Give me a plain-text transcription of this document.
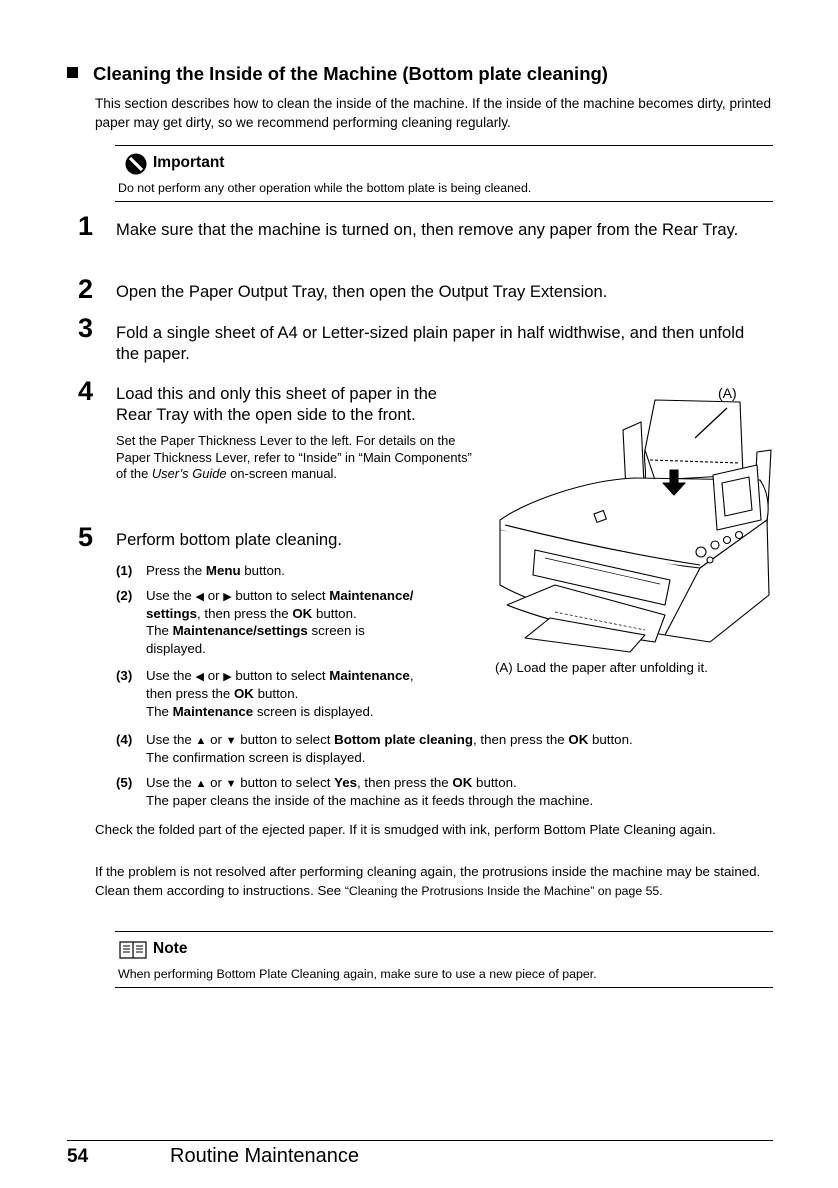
Cleaning the Inside of the Machine (Bottom plate cleaning)
This section describes how to clean the inside of the machine. If the inside of the machine becomes dirty, printed paper may get dirty, so we recommend performing cleaning regularly.
Important
Do not perform any other operation while the bottom plate is being cleaned.
1 Make sure that the machine is turned on, then remove any paper from the Rear Tray.
2 Open the Paper Output Tray, then open the Output Tray Extension.
3 Fold a single sheet of A4 or Letter-sized plain paper in half widthwise, and then unfold the paper.
4 Load this and only this sheet of paper in the Rear Tray with the open side to the front.
Set the Paper Thickness Lever to the left. For details on the Paper Thickness Lever, refer to “Inside” in “Main Components” of the User’s Guide on-screen manual.
5 Perform bottom plate cleaning.
(1) Press the Menu button.
(2) Use the ◀ or ▶ button to select Maintenance/
settings, then press the OK button.
The Maintenance/settings screen is
displayed.
(3) Use the ◀ or ▶ button to select Maintenance,
then press the OK button.
The Maintenance screen is displayed.
(4) Use the ▲ or ▼ button to select Bottom plate cleaning, then press the OK button.
The confirmation screen is displayed.
(5) Use the ▲ or ▼ button to select Yes, then press the OK button.
The paper cleans the inside of the machine as it feeds through the machine.
(A)
(A) Load the paper after unfolding it.
Check the folded part of the ejected paper. If it is smudged with ink, perform Bottom Plate Cleaning again.
If the problem is not resolved after performing cleaning again, the protrusions inside the machine may be stained. Clean them according to instructions. See “Cleaning the Protrusions Inside the Machine” on page 55.
Note
When performing Bottom Plate Cleaning again, make sure to use a new piece of paper.
54	Routine Maintenance
